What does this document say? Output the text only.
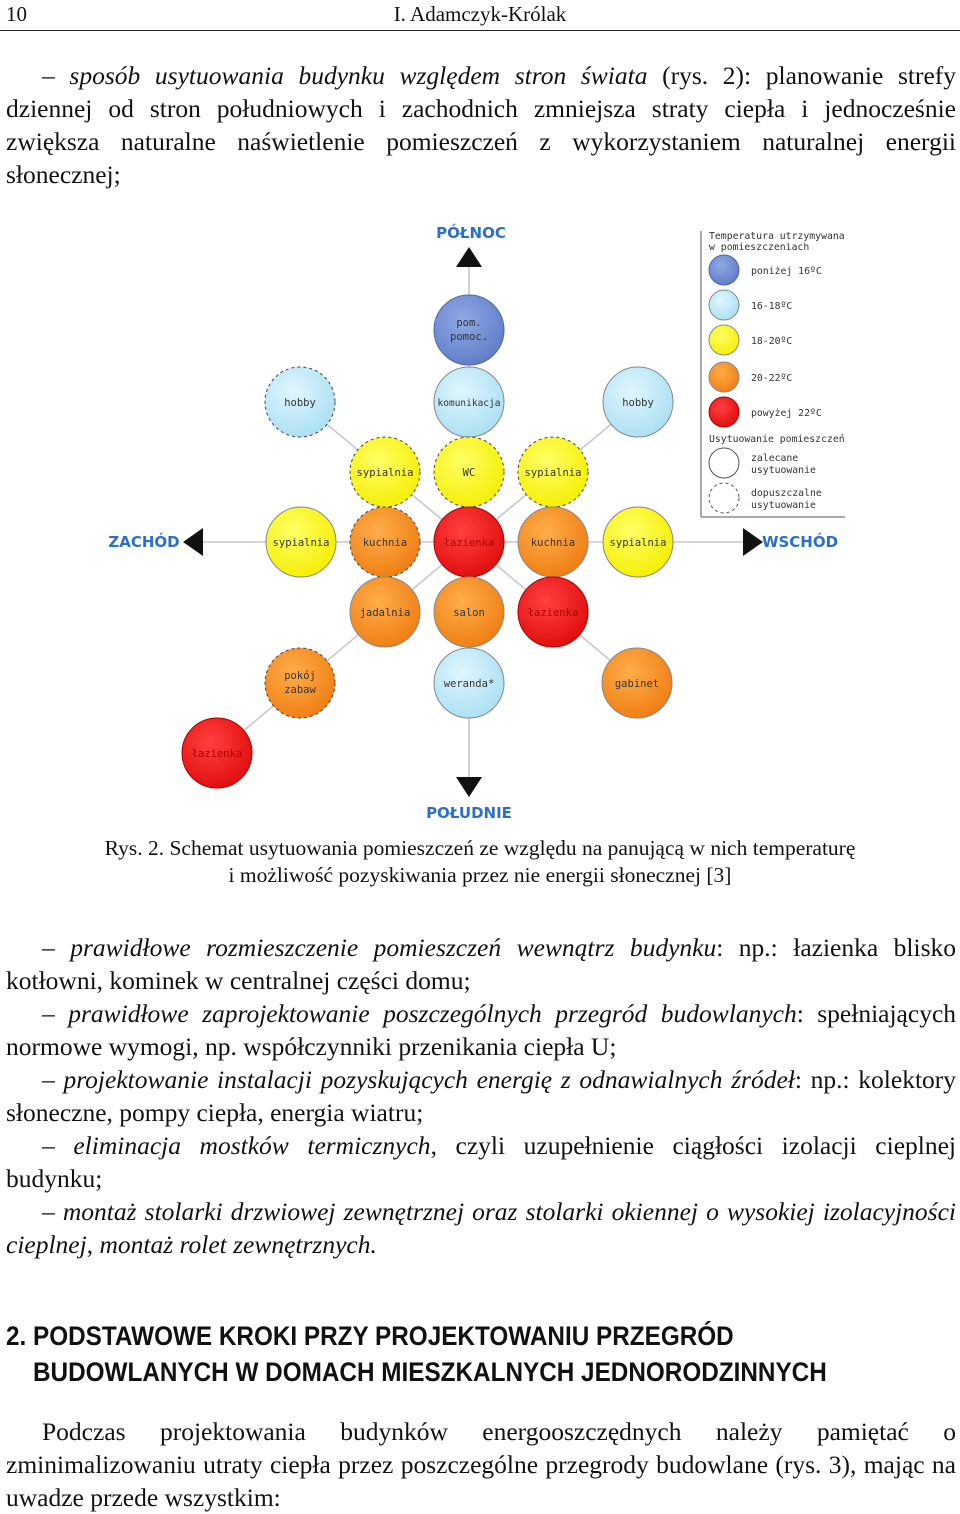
10	I. Adamczyk-Królak

– sposób usytuowania budynku względem stron świata (rys. 2): planowanie strefy dziennej od stron południowych i zachodnich zmniejsza straty ciepła i jednocześnie zwiększa naturalne naświetlenie pomieszczeń z wykorzystaniem naturalnej energii słonecznej;

PÓŁNOC
POŁUDNIE
ZACHÓD	WSCHÓD
pom.
pomoc.
hobby	komunikacja	hobby
sypialnia	WC	sypialnia
sypialnia	kuchnia	łazienka	kuchnia	sypialnia
jadalnia	salon	łazienka
pokój
zabaw	weranda*	gabinet
łazienka
Temperatura utrzymywana
w pomieszczeniach
poniżej 16ºC
16-18ºC
18-20ºC
20-22ºC
powyżej 22ºC
Usytuowanie pomieszczeń
zalecane
usytuowanie
dopuszczalne
usytuowanie
Rys. 2. Schemat usytuowania pomieszczeń ze względu na panującą w nich temperaturę
i możliwość pozyskiwania przez nie energii słonecznej [3]

– prawidłowe rozmieszczenie pomieszczeń wewnątrz budynku: np.: łazienka blisko kotłowni, kominek w centralnej części domu;

– prawidłowe zaprojektowanie poszczególnych przegród budowlanych: spełniających normowe wymogi, np. współczynniki przenikania ciepła U;

– projektowanie instalacji pozyskujących energię z odnawialnych źródeł: np.: kolektory słoneczne, pompy ciepła, energia wiatru;

– eliminacja mostków termicznych, czyli uzupełnienie ciągłości izolacji cieplnej budynku;

– montaż stolarki drzwiowej zewnętrznej oraz stolarki okiennej o wysokiej izolacyjności cieplnej, montaż rolet zewnętrznych.

2. PODSTAWOWE KROKI PRZY PROJEKTOWANIU PRZEGRÓD
BUDOWLANYCH W DOMACH MIESZKALNYCH JEDNORODZINNYCH

Podczas projektowania budynków energooszczędnych należy pamiętać o zminimalizowaniu utraty ciepła przez poszczególne przegrody budowlane (rys. 3), mając na uwadze przede wszystkim:
